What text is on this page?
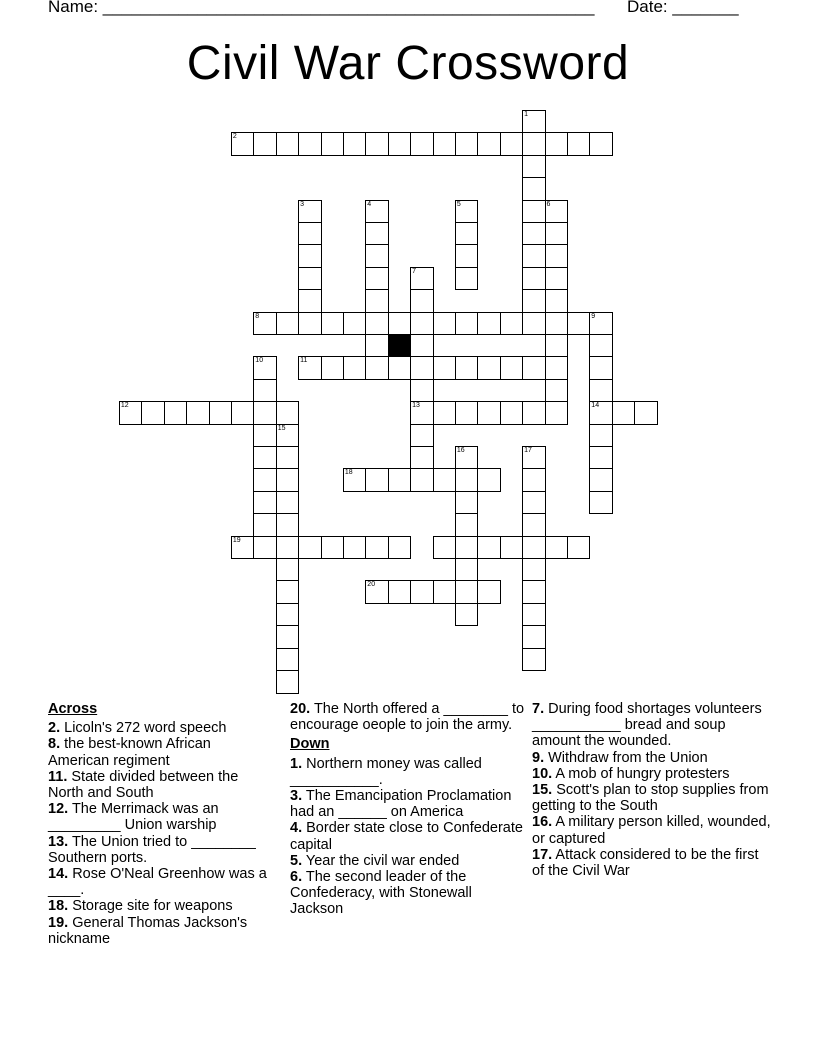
Name: ____________________________________________________ Date: _______
Civil War Crossword
1
2
3	4	5	6
7
8	9
10	11
12	13	14
15
16	17
18
19
20
Across
2. Licoln's 272 word speech
8. the best-known African American regiment
11. State divided between the North and South
12. The Merrimack was an _________ Union warship
13. The Union tried to ________ Southern ports.
14. Rose O'Neal Greenhow was a ____.
18. Storage site for weapons
19. General Thomas Jackson's nickname
20. The North offered a ________ to encourage oeople to join the army.
Down
1. Northern money was called ___________.
3. The Emancipation Proclamation had an ______ on America
4. Border state close to Confederate capital
5. Year the civil war ended
6. The second leader of the Confederacy, with Stonewall Jackson
7. During food shortages volunteers ___________ bread and soup amount the wounded.
9. Withdraw from the Union
10. A mob of hungry protesters
15. Scott's plan to stop supplies from getting to the South
16. A military person killed, wounded, or captured
17. Attack considered to be the first of the Civil War
